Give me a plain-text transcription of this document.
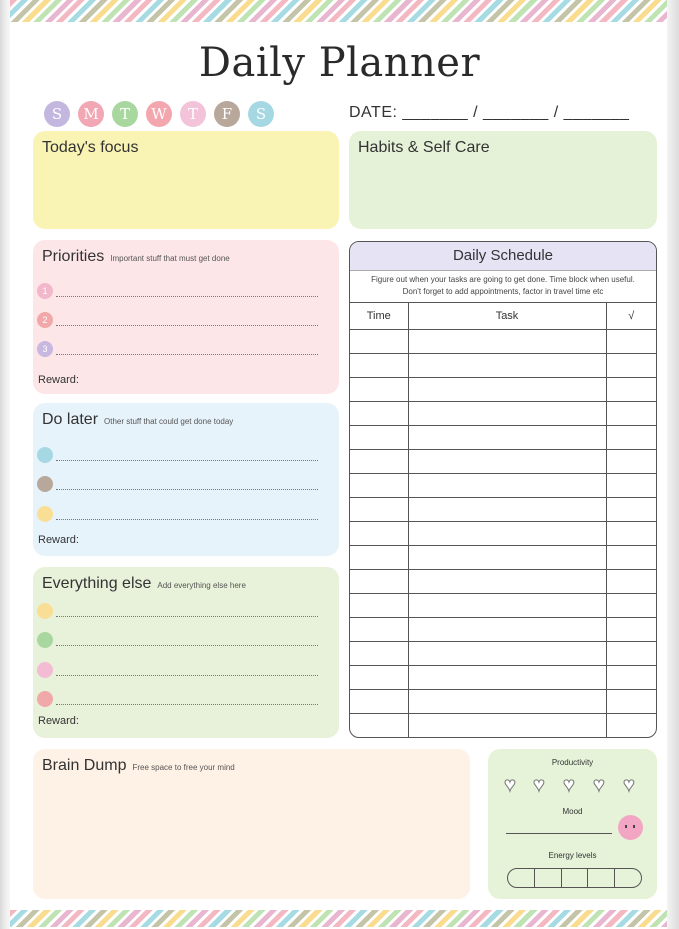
Daily Planner
S	M	T	W	T	F	S	DATE: _______ / _______ / _______
Today's focus	Habits & Self Care
Priorities Important stuff that must get done
1
2
3
Reward:
Do later Other stuff that could get done today
Reward:
Everything else Add everything else here
Reward:
Daily Schedule
Figure out when your tasks are going to get done. Time block when useful.
Don't forget to add appointments, factor in travel time etc
Time	Task	√

Brain Dump Free space to free your mind
Productivity
♥ ♥ ♥ ♥ ♥
Mood
Energy levels
